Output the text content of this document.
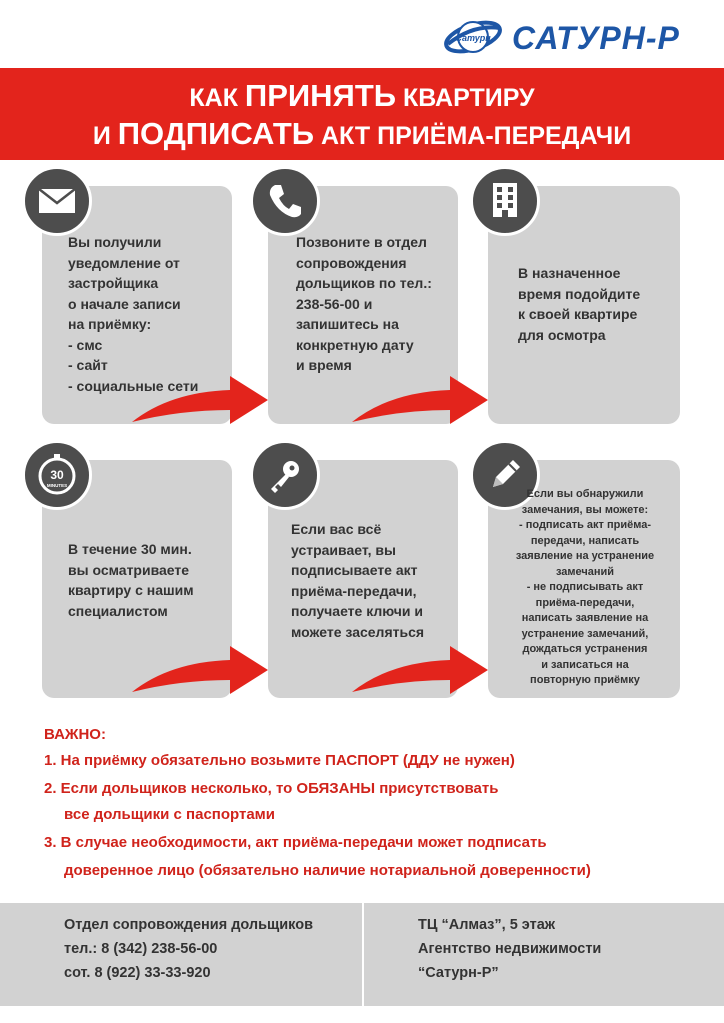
Сатурн САТУРН-Р
КАК ПРИНЯТЬ КВАРТИРУ
И ПОДПИСАТЬ АКТ ПРИЁМА-ПЕРЕДАЧИ
Вы получили
уведомление от
застройщика
о начале записи
на приёмку:
- смс
- сайт
- социальные сети
Позвоните в отдел
сопровождения
дольщиков по тел.:
238-56-00 и
запишитесь на
конкретную дату
и время
В назначенное
время подойдите
к своей квартире
для осмотра
30
MINUTES
В течение 30 мин.
вы осматриваете
квартиру с нашим
специалистом
Если вас всё
устраивает, вы
подписываете акт
приёма-передачи,
получаете ключи и
можете заселяться
Если вы обнаружили
замечания, вы можете:
- подписать акт приёма-
передачи, написать
заявление на устранение
замечаний
- не подписывать акт
приёма-передачи,
написать заявление на
устранение замечаний,
дождаться устранения
и записаться на
повторную приёмку
ВАЖНО:
1. На приёмку обязательно возьмите ПАСПОРТ (ДДУ не нужен)
2. Если дольщиков несколько, то ОБЯЗАНЫ присутствовать
все дольщики с паспортами
3. В случае необходимости, акт приёма-передачи может подписать
доверенное лицо (обязательно наличие нотариальной доверенности)
Отдел сопровождения дольщиков
тел.: 8 (342) 238-56-00
сот. 8 (922) 33-33-920
ТЦ “Алмаз”, 5 этаж
Агентство недвижимости
“Сатурн-Р”
